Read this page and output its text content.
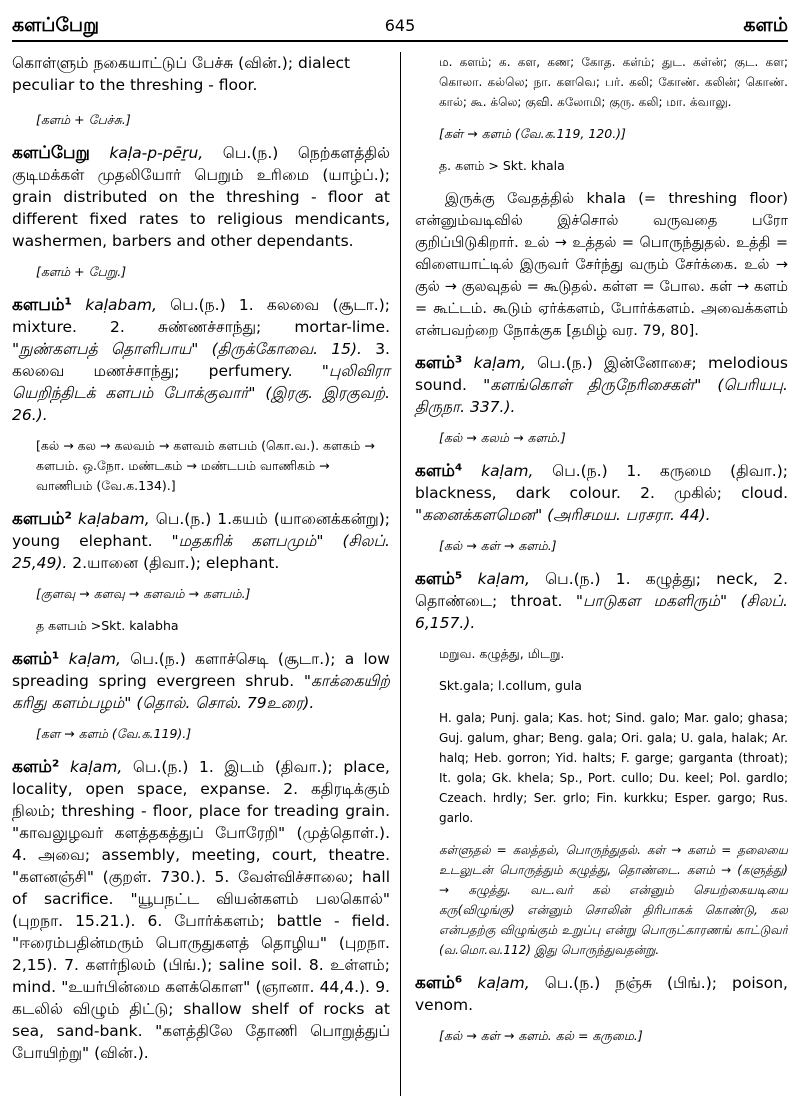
களப்பேறு	645	களம்

கொள்ளும் நகையாட்டுப் பேச்சு (வின்.); dialect peculiar to the threshing - floor.

[களம் + பேச்சு.]

களப்பேறு kaḷa-p-pēṟu, பெ.(ந.) நெற்களத்தில் குடிமக்கள் முதலியோர் பெறும் உரிமை (யாழ்ப்.); grain distributed on the threshing - floor at different fixed rates to religious mendicants, washermen, barbers and other dependants.

[களம் + பேறு.]

களபம்¹ kaḷabam, பெ.(ந.) 1. கலவை (சூடா.); mixture. 2. சுண்ணச்சாந்து; mortar-lime. "நுண்களபத் தொளிபாய" (திருக்கோவை. 15). 3. கலவை மணச்சாந்து; perfumery. "புலிவிரா யெறிந்திடக் களபம் போக்குவார்" (இரகு. இரகுவற். 26.).

[கல் → கல → கலவம் → களவம் களபம் (கொ.வ.). களகம் → களபம். ஒ.நோ. மண்டகம் → மண்டபம் வாணிகம் → வாணிபம் (வே.க.134).]

களபம்² kaḷabam, பெ.(ந.) 1.கயம் (யானைக்கன்று); young elephant. "மதகரிக் களபமும்" (சிலப். 25,49). 2.யானை (திவா.); elephant.

[குளவு → களவு → களவம் → களபம்.]

த களபம் >Skt. kalabha

களம்¹ kaḷam, பெ.(ந.) களாச்செடி (சூடா.); a low spreading spring evergreen shrub. "காக்கையிற் கரிது களம்பழம்" (தொல். சொல். 79உரை).

[கள → களம் (வே.க.119).]

களம்² kaḷam, பெ.(ந.) 1. இடம் (திவா.); place, locality, open space, expanse. 2. கதிரடிக்கும் நிலம்; threshing - floor, place for treading grain. "காவலுழவர் களத்தகத்துப் போரேறி" (முத்தொள்.). 4. அவை; assembly, meeting, court, theatre. "களனஞ்சி" (குறள். 730.). 5. வேள்விச்சாலை; hall of sacrifice. "யூபநட்ட வியன்களம் பலகொல்" (புறநா. 15.21.). 6. போர்க்களம்; battle - field. "ஈரைம்பதின்மரும் பொருதுகளத் தொழிய" (புறநா. 2,15). 7. களர்நிலம் (பிங்.); saline soil. 8. உள்ளம்; mind. "உயர்பின்மை களக்கொள" (ஞானா. 44,4.). 9. கடலில் விழும் திட்டு; shallow shelf of rocks at sea, sand-bank. "களத்திலே தோணி பொறுத்துப் போயிற்று" (வின்.).

ம. களம்; க. கள, கண; கோத. கள்ம்; துட. கள்ன்; குட. கள; கொலா. கல்லெ; நா. களவெ; பர். கலி; கோண். கலின்; கொண். கால்; கூ. க்லெ; குவி. கலோமி; குரு. கலி; மா. க்வாலு.

[கள் → களம் (வே.க.119, 120.)]

த. களம் > Skt. khala

இருக்கு வேதத்தில் khala (= threshing floor) என்னும்வடிவில் இச்சொல் வருவதை பரோ குறிப்பிடுகிறார். உல் → உத்தல் = பொருந்துதல். உத்தி = விளையாட்டில் இருவர் சேர்ந்து வரும் சேர்க்கை. உல் → குல் → குலவுதல் = கூடுதல். கள்ள = போல. கள் → களம் = கூட்டம். கூடும் ஏர்க்களம், போர்க்களம். அவைக்களம் என்பவற்றை நோக்குக [தமிழ் வர. 79, 80].

களம்³ kaḷam, பெ.(ந.) இன்னோசை; melodious sound. "களங்கொள் திருநேரிசைகள்" (பெரியபு. திருநா. 337.).

[கல் → கலம் → களம்.]

களம்⁴ kaḷam, பெ.(ந.) 1. கருமை (திவா.); blackness, dark colour. 2. முகில்; cloud. "கனைக்களமென" (அரிசமய. பரசரா. 44).

[கல் → கள் → களம்.]

களம்⁵ kaḷam, பெ.(ந.) 1. கழுத்து; neck, 2. தொண்டை; throat. "பாடுகள மகளிரும்" (சிலப். 6,157.).

மறுவ. கழுத்து, மிடறு.

Skt.gala; l.collum, gula

H. gala; Punj. gala; Kas. hot; Sind. galo; Mar. galo; ghasa; Guj. galum, ghar; Beng. gala; Ori. gala; U. gala, halak; Ar. halq; Heb. gorron; Yid. halts; F. garge; garganta (throat); It. gola; Gk. khela; Sp., Port. cullo; Du. keel; Pol. gardlo; Czeach. hrdly; Ser. grlo; Fin. kurkku; Esper. gargo; Rus. garlo.

கள்ளுதல் = கலத்தல், பொருந்துதல். கள் → களம் = தலையை உடலுடன் பொருத்தும் கழுத்து, தொண்டை. களம் → (களுத்து) → கழுத்து. வட.வர் கல் என்னும் செயற்கையடியை கரு(விழுங்கு) என்னும் சொலின் திரிபாகக் கொண்டு, கல என்பதற்கு விழுங்கும் உறுப்பு என்று பொருட்காரணங் காட்டுவர் (வ.மொ.வ.112) இது பொருந்துவதன்று.

களம்⁶ kaḷam, பெ.(ந.) நஞ்சு (பிங்.); poison, venom.

[கல் → கள் → களம். கல் = கருமை.]
